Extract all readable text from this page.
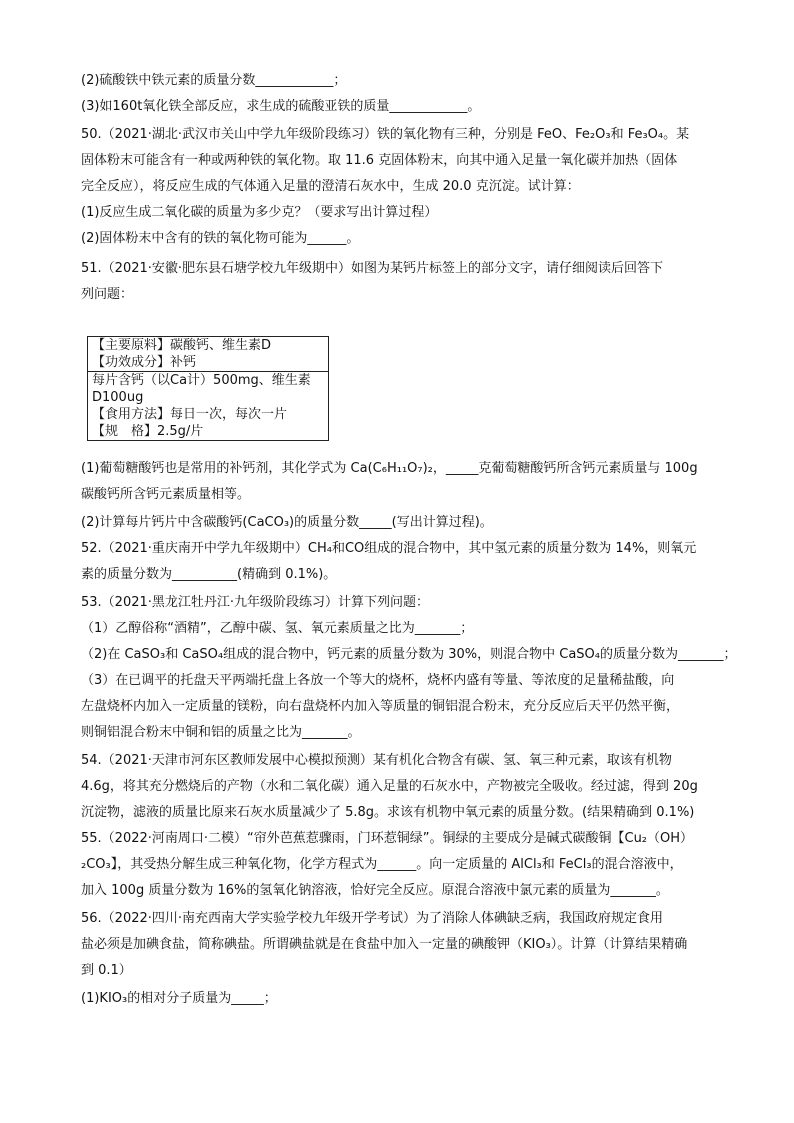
(2)硫酸铁中铁元素的质量分数____________；
(3)如160t氧化铁全部反应，求生成的硫酸亚铁的质量____________。
50.（2021·湖北·武汉市关山中学九年级阶段练习）铁的氧化物有三种，分别是 FeO、Fe₂O₃和 Fe₃O₄。某
固体粉末可能含有一种或两种铁的氧化物。取 11.6 克固体粉末，向其中通入足量一氧化碳并加热（固体
完全反应），将反应生成的气体通入足量的澄清石灰水中，生成 20.0 克沉淀。试计算：
(1)反应生成二氧化碳的质量为多少克？（要求写出计算过程）
(2)固体粉末中含有的铁的氧化物可能为______。
51.（2021·安徽·肥东县石塘学校九年级期中）如图为某钙片标签上的部分文字，请仔细阅读后回答下
列问题：
(1)葡萄糖酸钙也是常用的补钙剂，其化学式为 Ca(C₆H₁₁O₇)₂，_____克葡萄糖酸钙所含钙元素质量与 100g
碳酸钙所含钙元素质量相等。
(2)计算每片钙片中含碳酸钙(CaCO₃)的质量分数_____(写出计算过程)。
52.（2021·重庆南开中学九年级期中）CH₄和CO组成的混合物中，其中氢元素的质量分数为 14%，则氧元
素的质量分数为__________(精确到 0.1%)。
53.（2021·黑龙江牡丹江·九年级阶段练习）计算下列问题：
（1）乙醇俗称“酒精”，乙醇中碳、氢、氧元素质量之比为_______；
（2)在 CaSO₃和 CaSO₄组成的混合物中，钙元素的质量分数为 30%，则混合物中 CaSO₄的质量分数为_______；
（3）在已调平的托盘天平两端托盘上各放一个等大的烧杯，烧杯内盛有等量、等浓度的足量稀盐酸，向
左盘烧杯内加入一定质量的镁粉，向右盘烧杯内加入等质量的铜铝混合粉末，充分反应后天平仍然平衡，
则铜铝混合粉末中铜和铝的质量之比为_______。
54.（2021·天津市河东区教师发展中心模拟预测）某有机化合物含有碳、氢、氧三种元素，取该有机物
4.6g，将其充分燃烧后的产物（水和二氧化碳）通入足量的石灰水中，产物被完全吸收。经过滤，得到 20g
沉淀物，滤液的质量比原来石灰水质量减少了 5.8g。求该有机物中氧元素的质量分数。(结果精确到 0.1%)
55.（2022·河南周口·二模）“帘外芭蕉惹骤雨，门环惹铜绿”。铜绿的主要成分是碱式碳酸铜【Cu₂（OH）
₂CO₃】，其受热分解生成三种氧化物，化学方程式为______。向一定质量的 AlCl₃和 FeCl₃的混合溶液中，
加入 100g 质量分数为 16%的氢氧化钠溶液，恰好完全反应。原混合溶液中氯元素的质量为_______。
56.（2022·四川·南充西南大学实验学校九年级开学考试）为了消除人体碘缺乏病，我国政府规定食用
盐必须是加碘食盐，简称碘盐。所谓碘盐就是在食盐中加入一定量的碘酸钾（KIO₃）。计算（计算结果精确
到 0.1）
(1)KIO₃的相对分子质量为_____；
【主要原料】碳酸钙、维生素D
【功效成分】补钙
每片含钙（以Ca计）500mg、维生素
D100ug
【食用方法】每日一次，每次一片
【规　格】2.5g/片
